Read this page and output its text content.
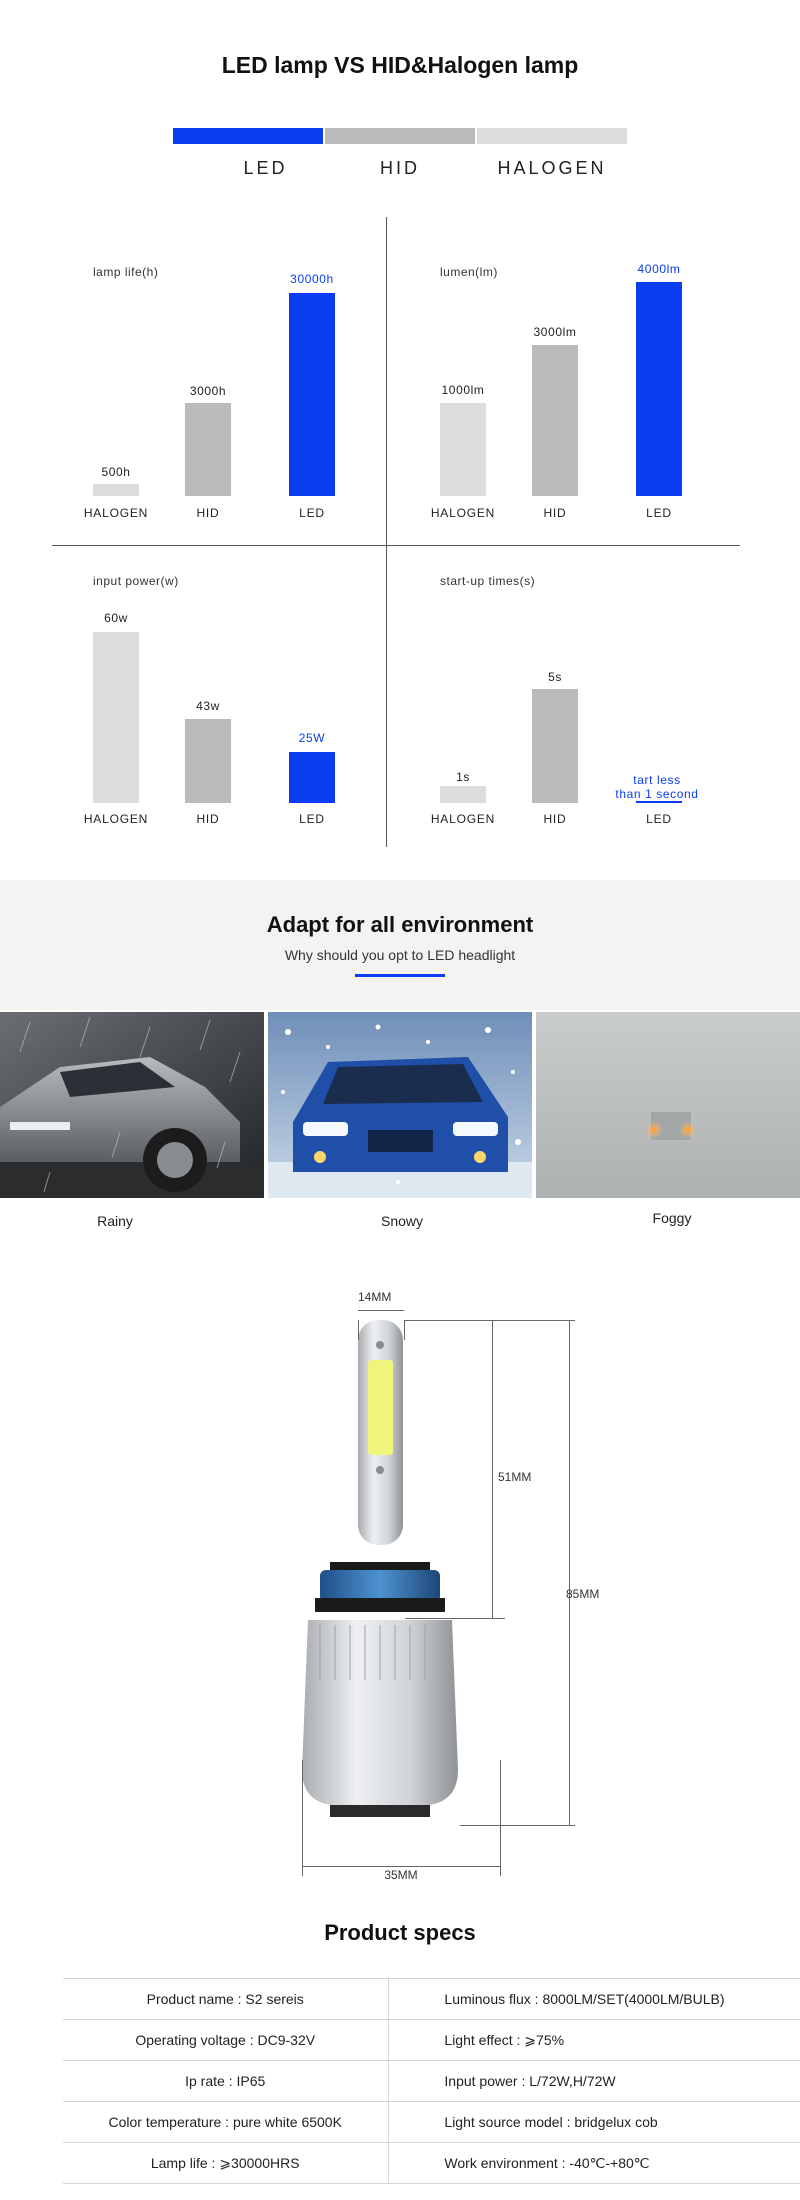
LED lamp VS HID&Halogen lamp
LED	HID	HALOGEN
lamp life(h)
500h
3000h
30000h
HALOGEN	HID	LED
lumen(lm)
1000lm
3000lm
4000lm
HALOGEN	HID	LED
input power(w)
60w
43w
25W
HALOGEN	HID	LED
start-up times(s)
1s
5s
tart less
than 1 second
HALOGEN	HID	LED
Adapt for all environment
Why should you opt to LED headlight
Rainy	Snowy	Foggy
14MM
51MM
85MM
35MM
Product specs
Product name : S2 sereis	Luminous flux : 8000LM/SET(4000LM/BULB)
Operating voltage : DC9-32V	Light effect : ⩾75%
Ip rate : IP65	Input power : L/72W,H/72W
Color temperature : pure white 6500K	Light source model : bridgelux cob
Lamp life : ⩾30000HRS	Work environment : -40℃-+80℃
